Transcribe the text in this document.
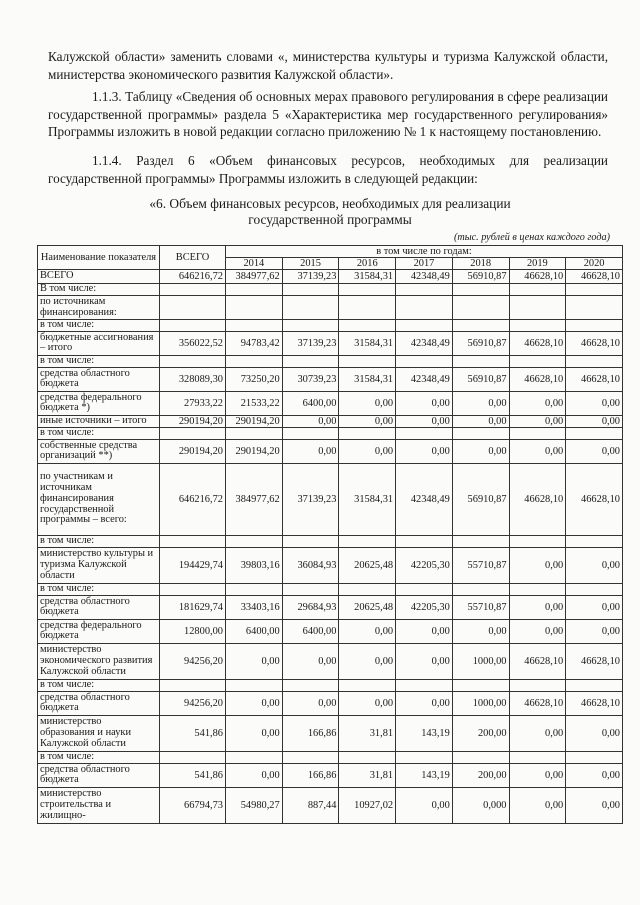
Калужской области» заменить словами «, министерства культуры и туризма Калужской области, министерства экономического развития Калужской области».

1.1.3. Таблицу «Сведения об основных мерах правового регулирования в сфере реализации государственной программы» раздела 5 «Характеристика мер государственного регулирования» Программы изложить в новой редакции согласно приложению № 1 к настоящему постановлению.

1.1.4. Раздел 6 «Объем финансовых ресурсов, необходимых для реализации государственной программы» Программы изложить в следующей редакции:

«6. Объем финансовых ресурсов, необходимых для реализации
государственной программы
(тыс. рублей в ценах каждого года)
Наименование показателя	ВСЕГО	в том числе по годам:						
		2014	2015	2016	2017	2018	2019	2020
ВСЕГО	646216,72	384977,62	37139,23	31584,31	42348,49	56910,87	46628,10	46628,10
В том числе:								
по источникам финансирования:								
в том числе:								
бюджетные ассигнования – итого	356022,52	94783,42	37139,23	31584,31	42348,49	56910,87	46628,10	46628,10
в том числе:								
средства областного бюджета	328089,30	73250,20	30739,23	31584,31	42348,49	56910,87	46628,10	46628,10
средства федерального бюджета *)	27933,22	21533,22	6400,00	0,00	0,00	0,00	0,00	0,00
иные источники – итого	290194,20	290194,20	0,00	0,00	0,00	0,00	0,00	0,00
в том числе:								
собственные средства организаций **)	290194,20	290194,20	0,00	0,00	0,00	0,00	0,00	0,00
по участникам и источникам финансирования государственной программы – всего:	646216,72	384977,62	37139,23	31584,31	42348,49	56910,87	46628,10	46628,10
в том числе:								
министерство культуры и туризма Калужской области	194429,74	39803,16	36084,93	20625,48	42205,30	55710,87	0,00	0,00
в том числе:								
средства областного бюджета	181629,74	33403,16	29684,93	20625,48	42205,30	55710,87	0,00	0,00
средства федерального бюджета	12800,00	6400,00	6400,00	0,00	0,00	0,00	0,00	0,00
министерство экономического развития Калужской области	94256,20	0,00	0,00	0,00	0,00	1000,00	46628,10	46628,10
в том числе:								
средства областного бюджета	94256,20	0,00	0,00	0,00	0,00	1000,00	46628,10	46628,10
министерство образования и науки Калужской области	541,86	0,00	166,86	31,81	143,19	200,00	0,00	0,00
в том числе:								
средства областного бюджета	541,86	0,00	166,86	31,81	143,19	200,00	0,00	0,00
министерство строительства и жилищно-	66794,73	54980,27	887,44	10927,02	0,00	0,000	0,00	0,00
